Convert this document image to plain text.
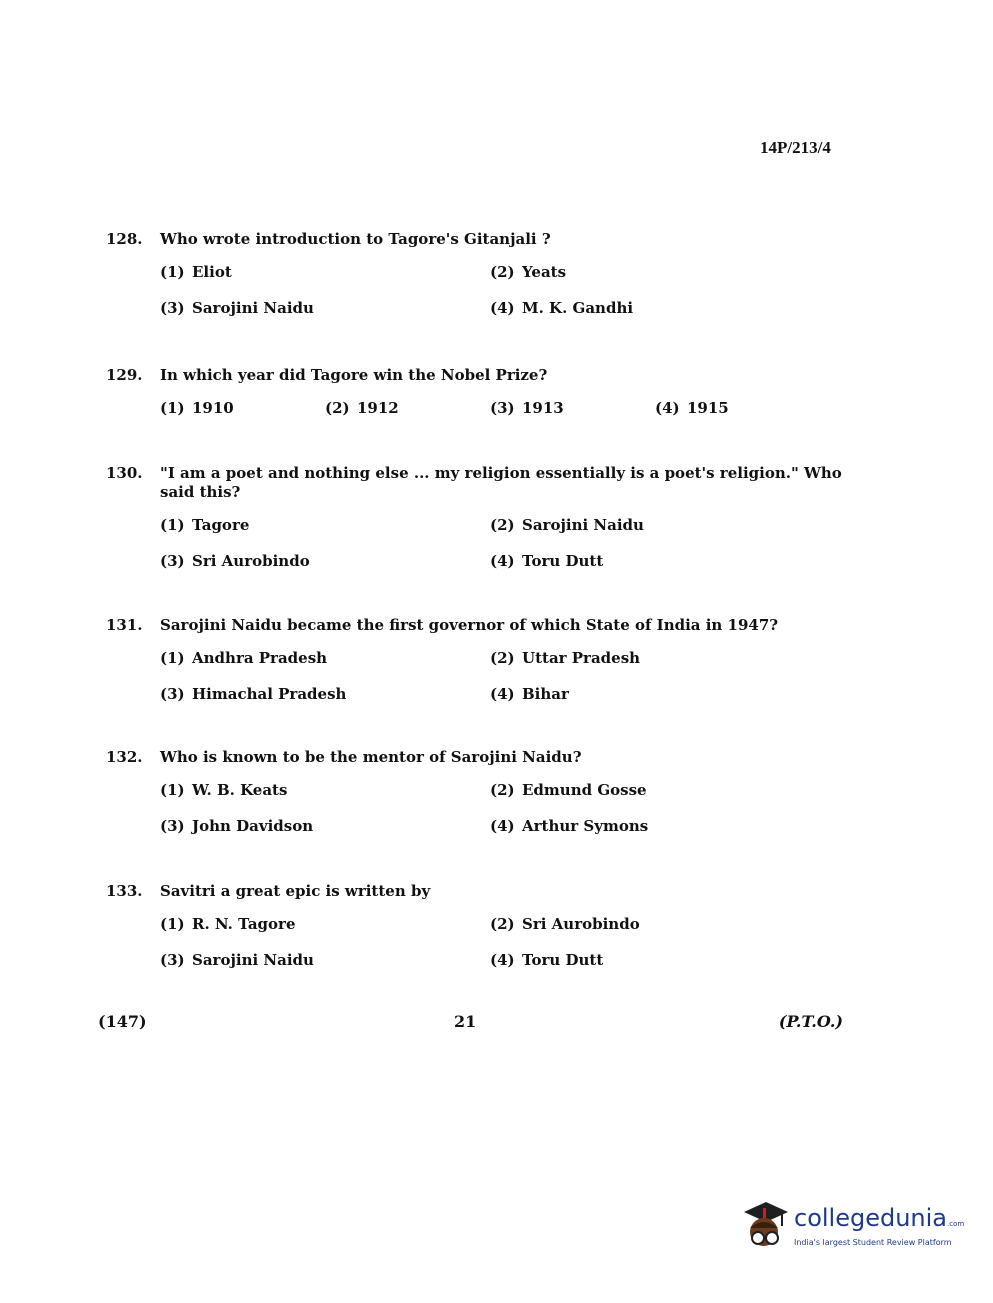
14P/213/4
128.	Who wrote introduction to Tagore's Gitanjali ?
(1) Eliot	(2) Yeats
(3) Sarojini Naidu	(4) M. K. Gandhi
129.	In which year did Tagore win the Nobel Prize?
(1) 1910	(2) 1912	(3) 1913	(4) 1915
130.	"I am a poet and nothing else ... my religion essentially is a poet's religion." Who said this?
(1) Tagore	(2) Sarojini Naidu
(3) Sri Aurobindo	(4) Toru Dutt
131.	Sarojini Naidu became the first governor of which State of India in 1947?
(1) Andhra Pradesh	(2) Uttar Pradesh
(3) Himachal Pradesh	(4) Bihar
132.	Who is known to be the mentor of Sarojini Naidu?
(1) W. B. Keats	(2) Edmund Gosse
(3) John Davidson	(4) Arthur Symons
133.	Savitri a great epic is written by
(1) R. N. Tagore	(2) Sri Aurobindo
(3) Sarojini Naidu	(4) Toru Dutt
(147)	21	(P.T.O.)
collegedunia.com
India's largest Student Review Platform
